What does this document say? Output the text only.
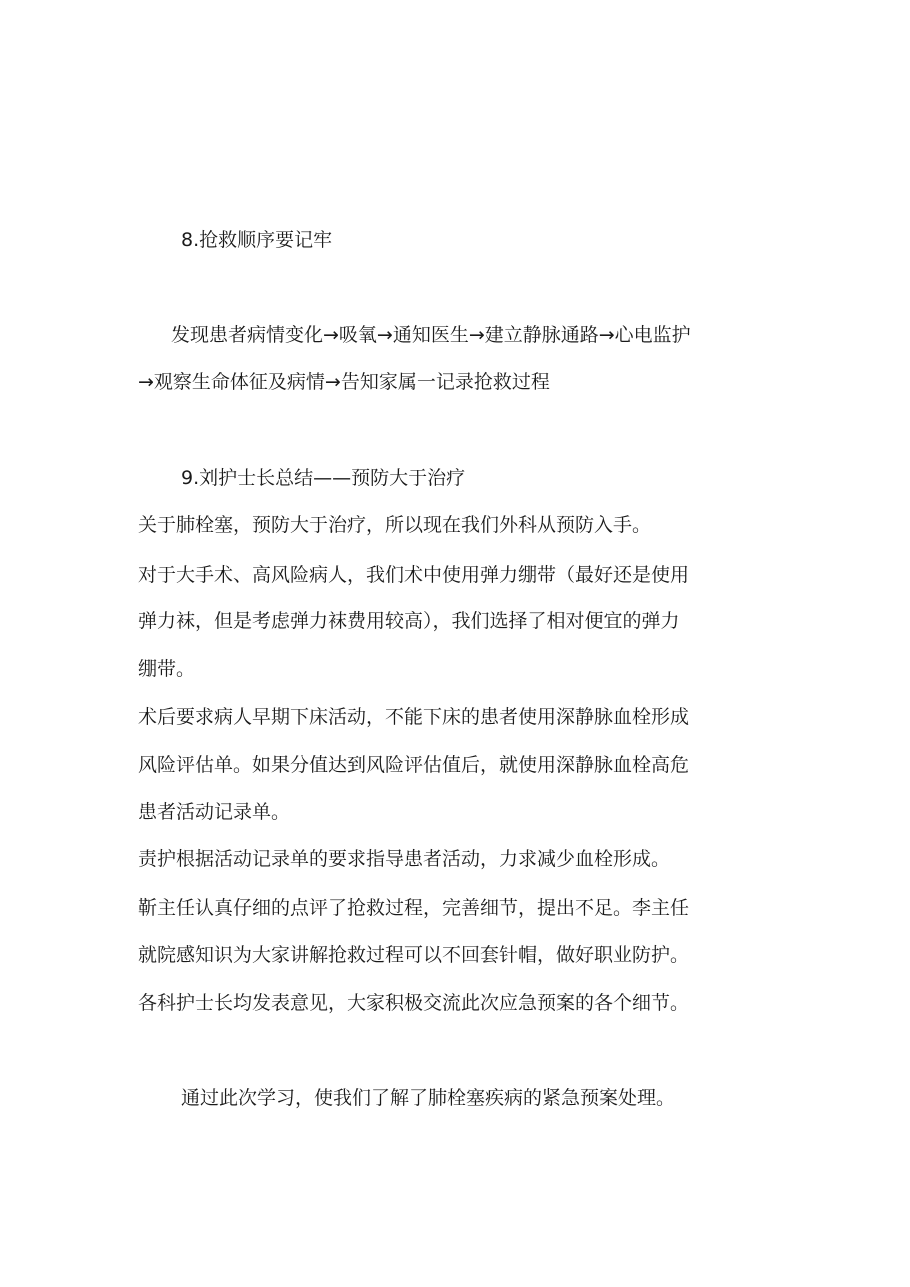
8.抢救顺序要记牢
发现患者病情变化→吸氧→通知医生→建立静脉通路→心电监护
→观察生命体征及病情→告知家属一记录抢救过程
9.刘护士长总结——预防大于治疗
关于肺栓塞，预防大于治疗，所以现在我们外科从预防入手。
对于大手术、高风险病人，我们术中使用弹力绷带（最好还是使用
弹力袜，但是考虑弹力袜费用较高），我们选择了相对便宜的弹力
绷带。
术后要求病人早期下床活动，不能下床的患者使用深静脉血栓形成
风险评估单。如果分值达到风险评估值后，就使用深静脉血栓高危
患者活动记录单。
责护根据活动记录单的要求指导患者活动，力求减少血栓形成。
靳主任认真仔细的点评了抢救过程，完善细节，提出不足。李主任
就院感知识为大家讲解抢救过程可以不回套针帽，做好职业防护。
各科护士长均发表意见，大家积极交流此次应急预案的各个细节。
通过此次学习，使我们了解了肺栓塞疾病的紧急预案处理。
